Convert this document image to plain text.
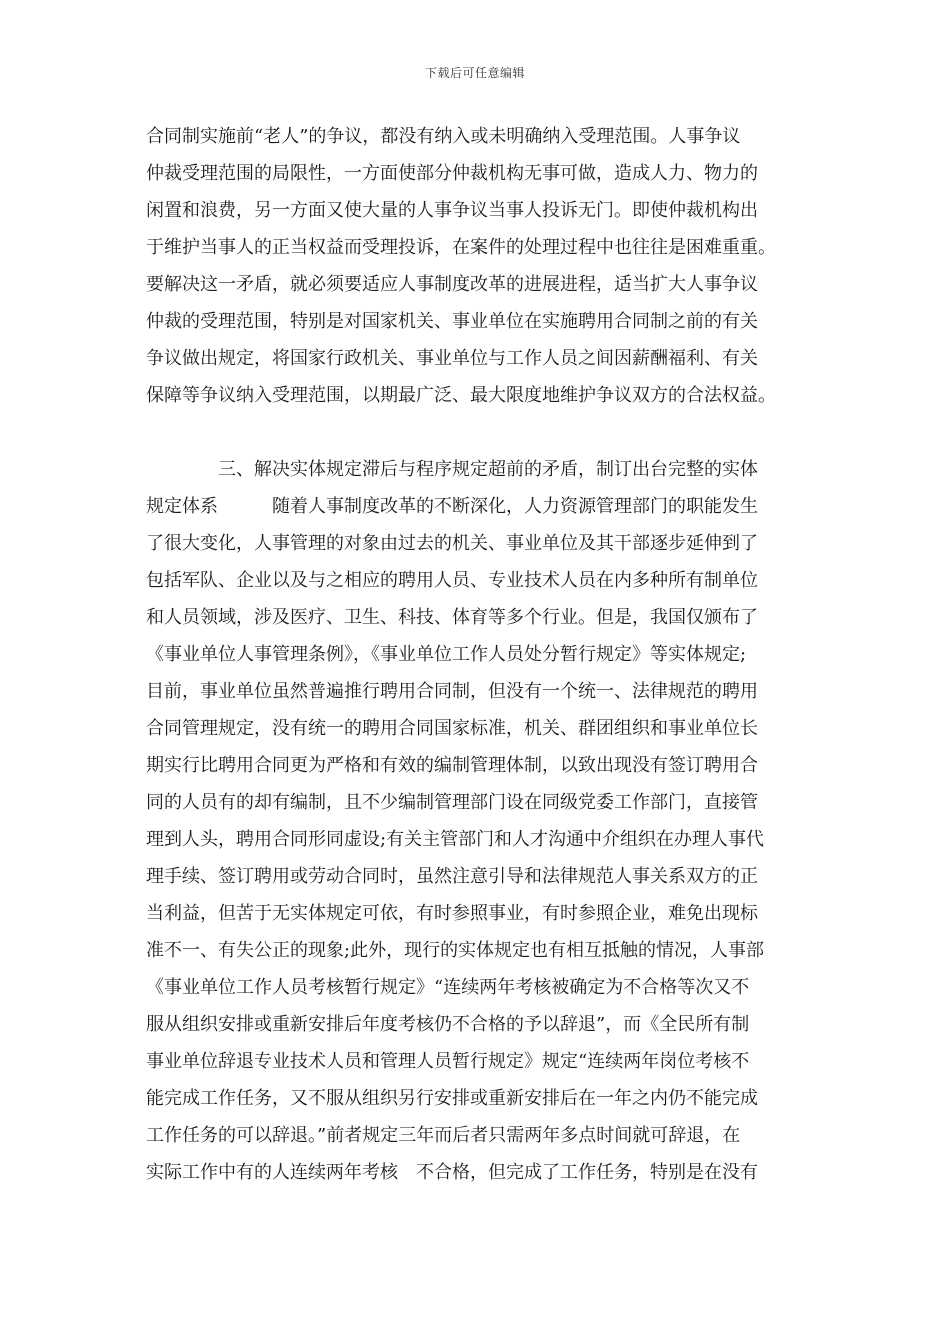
下载后可任意编辑
合同制实施前“老人”的争议，都没有纳入或未明确纳入受理范围。人事争议
仲裁受理范围的局限性，一方面使部分仲裁机构无事可做，造成人力、物力的
闲置和浪费，另一方面又使大量的人事争议当事人投诉无门。即使仲裁机构出
于维护当事人的正当权益而受理投诉，在案件的处理过程中也往往是困难重重。
要解决这一矛盾，就必须要适应人事制度改革的进展进程，适当扩大人事争议
仲裁的受理范围，特别是对国家机关、事业单位在实施聘用合同制之前的有关
争议做出规定，将国家行政机关、事业单位与工作人员之间因薪酬福利、有关
保障等争议纳入受理范围，以期最广泛、最大限度地维护争议双方的合法权益。
　　　　三、解决实体规定滞后与程序规定超前的矛盾，制订出台完整的实体
规定体系　　　随着人事制度改革的不断深化，人力资源管理部门的职能发生
了很大变化，人事管理的对象由过去的机关、事业单位及其干部逐步延伸到了
包括军队、企业以及与之相应的聘用人员、专业技术人员在内多种所有制单位
和人员领域，涉及医疗、卫生、科技、体育等多个行业。但是，我国仅颁布了
《事业单位人事管理条例》，《事业单位工作人员处分暂行规定》等实体规定;
目前，事业单位虽然普遍推行聘用合同制，但没有一个统一、法律规范的聘用
合同管理规定，没有统一的聘用合同国家标准，机关、群团组织和事业单位长
期实行比聘用合同更为严格和有效的编制管理体制，以致出现没有签订聘用合
同的人员有的却有编制，且不少编制管理部门设在同级党委工作部门，直接管
理到人头，聘用合同形同虚设;有关主管部门和人才沟通中介组织在办理人事代
理手续、签订聘用或劳动合同时，虽然注意引导和法律规范人事关系双方的正
当利益，但苦于无实体规定可依，有时参照事业，有时参照企业，难免出现标
准不一、有失公正的现象;此外，现行的实体规定也有相互抵触的情况，人事部
《事业单位工作人员考核暂行规定》“连续两年考核被确定为不合格等次又不
服从组织安排或重新安排后年度考核仍不合格的予以辞退”，而《全民所有制
事业单位辞退专业技术人员和管理人员暂行规定》规定“连续两年岗位考核不
能完成工作任务，又不服从组织另行安排或重新安排后在一年之内仍不能完成
工作任务的可以辞退。”前者规定三年而后者只需两年多点时间就可辞退，在
实际工作中有的人连续两年考核　不合格，但完成了工作任务，特别是在没有
